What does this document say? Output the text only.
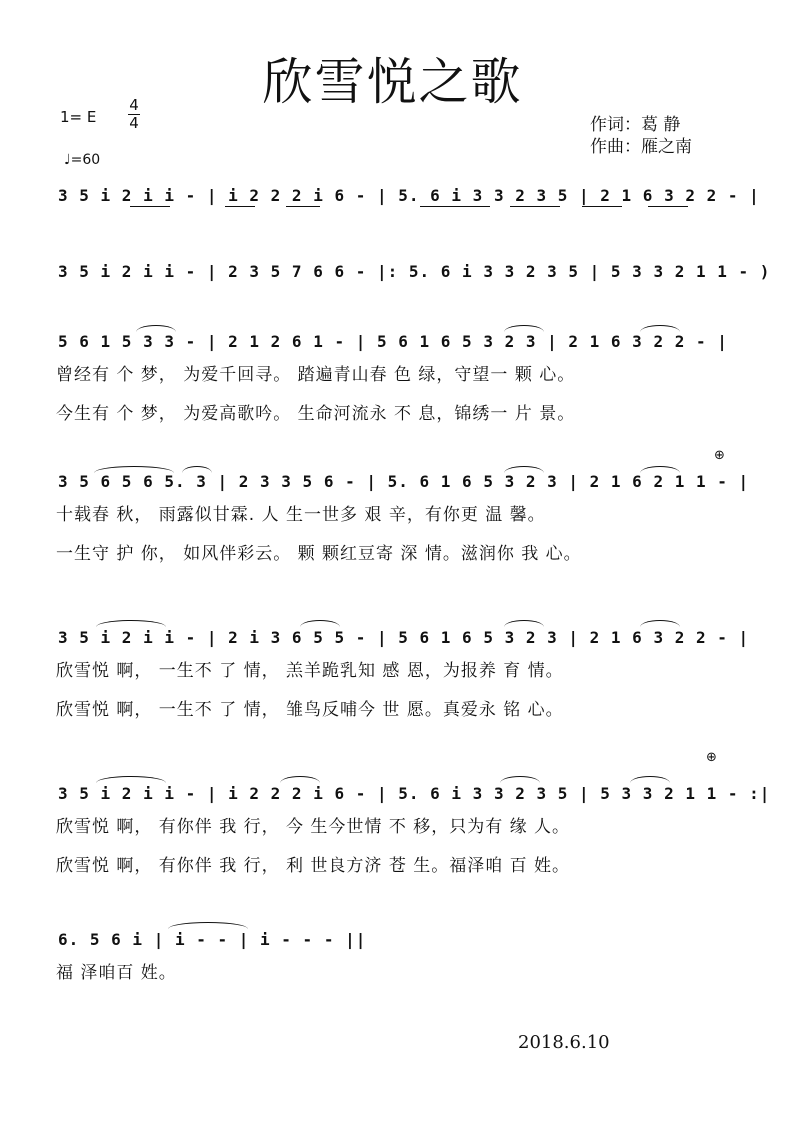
欣雪悦之歌
1= E
4
4
♩=60
作词：葛 静
作曲：雁之南
3 5 i 2 i i - | i 2 2 2 i 6 - | 5. 6 i 3 3 2 3 5 | 2 1 6 3 2 2 - |
3 5 i 2 i i - | 2 3 5 7 6 6 - |: 5. 6 i 3 3 2 3 5 | 5 3 3 2 1 1 - )
5 6 1 5 3 3 - | 2 1 2 6 1 - | 5 6 1 6 5 3 2 3 | 2 1 6 3 2 2 - |
曾经有 个 梦， 为爱千回寻。 踏遍青山春 色 绿，守望一 颗 心。
今生有 个 梦， 为爱高歌吟。 生命河流永 不 息，锦绣一 片 景。
⊕
3 5 6 5 6 5. 3 | 2 3 3 5 6 - | 5. 6 1 6 5 3 2 3 | 2 1 6 2 1 1 - |
十载春 秋， 雨露似甘霖. 人 生一世多 艰 辛，有你更 温 馨。
一生守 护 你， 如风伴彩云。 颗 颗红豆寄 深 情。滋润你 我 心。
3 5 i 2 i i - | 2 i 3 6 5 5 - | 5 6 1 6 5 3 2 3 | 2 1 6 3 2 2 - |
欣雪悦 啊， 一生不 了 情， 羔羊跪乳知 感 恩，为报养 育 情。
欣雪悦 啊， 一生不 了 情， 雏鸟反哺今 世 愿。真爱永 铭 心。
⊕
3 5 i 2 i i - | i 2 2 2 i 6 - | 5. 6 i 3 3 2 3 5 | 5 3 3 2 1 1 - :|
欣雪悦 啊， 有你伴 我 行， 今 生今世情 不 移，只为有 缘 人。
欣雪悦 啊， 有你伴 我 行， 利 世良方济 苍 生。福泽咱 百 姓。
6. 5 6 i | i - - | i - - - ||
福 泽咱百 姓。
2018.6.10
